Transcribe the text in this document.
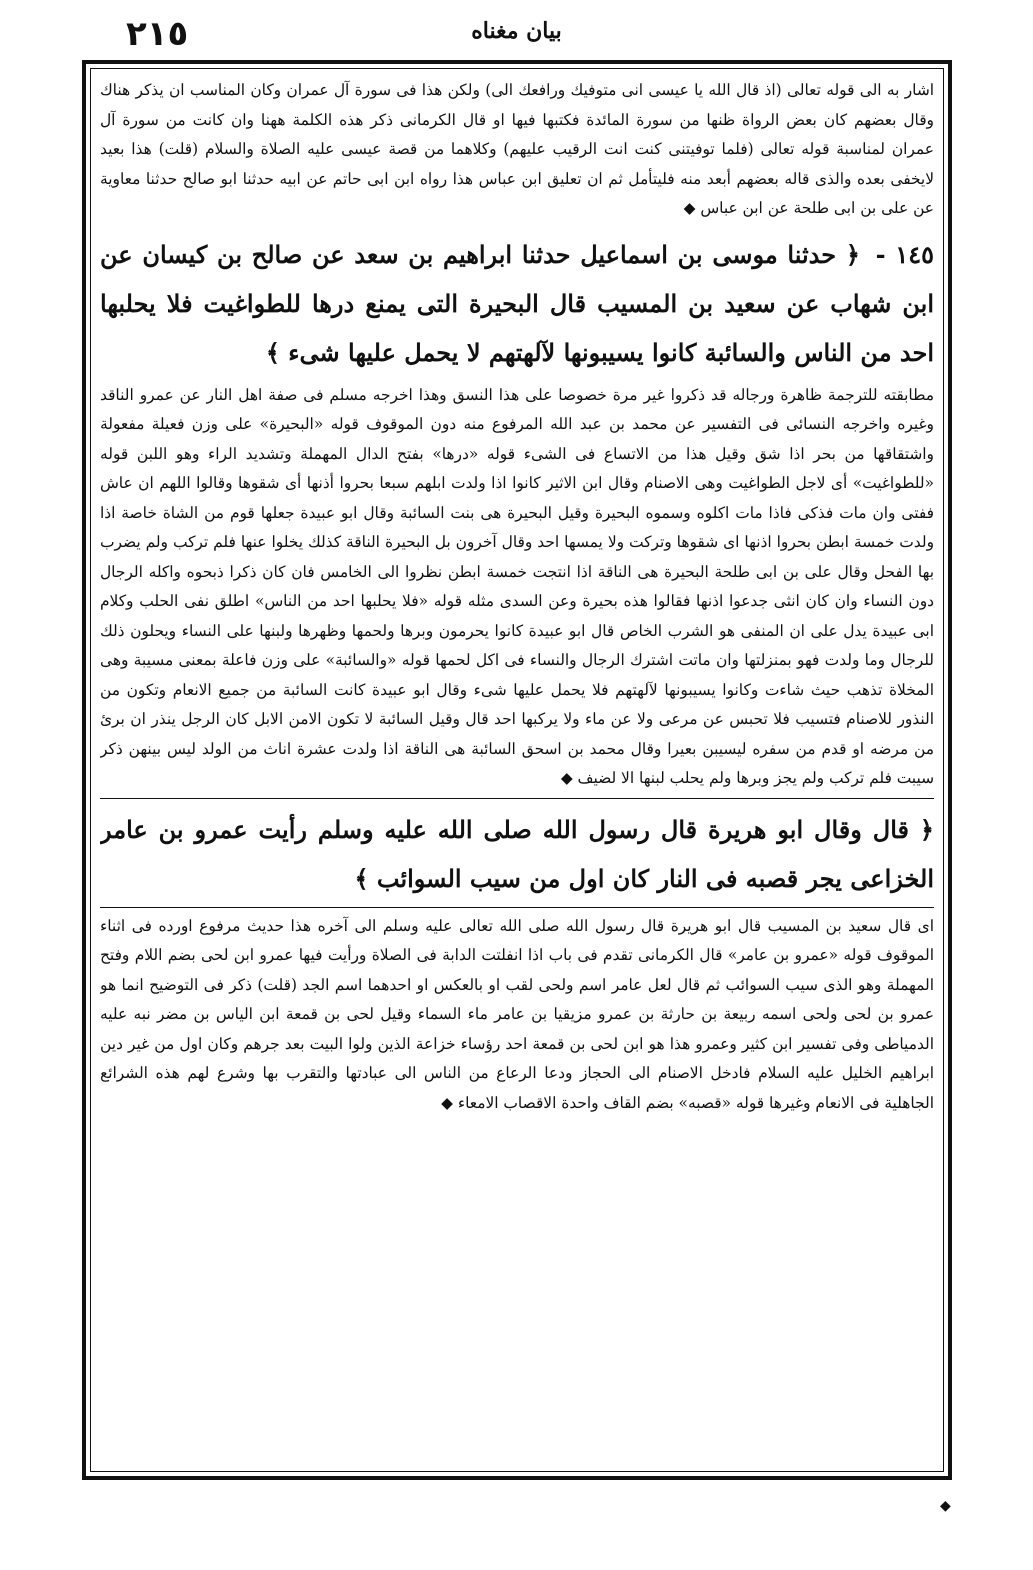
٢١٥	بيان مغناه

اشار به الى قوله تعالى (اذ قال الله يا عيسى انى متوفيك ورافعك الى) ولكن هذا فى سورة آل عمران وكان المناسب ان يذكر هناك وقال بعضهم كان بعض الرواة ظنها من سورة المائدة فكتبها فيها او قال الكرمانى ذكر هذه الكلمة ههنا وان كانت من سورة آل عمران لمناسبة قوله تعالى (فلما توفيتنى كنت انت الرقيب عليهم) وكلاهما من قصة عيسى عليه الصلاة والسلام (قلت) هذا بعيد لايخفى بعده والذى قاله بعضهم أبعد منه فليتأمل ثم ان تعليق ابن عباس هذا رواه ابن ابى حاتم عن ابيه حدثنا ابو صالح حدثنا معاوية عن على بن ابى طلحة عن ابن عباس ◆

١٤٥ - ﴿ حدثنا موسى بن اسماعيل حدثنا ابراهيم بن سعد عن صالح بن كيسان عن ابن شهاب عن سعيد بن المسيب قال البحيرة التى يمنع درها للطواغيت فلا يحلبها احد من الناس والسائبة كانوا يسيبونها لآلهتهم لا يحمل عليها شىء ﴾

مطابقته للترجمة ظاهرة ورجاله قد ذكروا غير مرة خصوصا على هذا النسق وهذا اخرجه مسلم فى صفة اهل النار عن عمرو الناقد وغيره واخرجه النسائى فى التفسير عن محمد بن عبد الله المرفوع منه دون الموقوف قوله «البحيرة» على وزن فعيلة مفعولة واشتقاقها من بحر اذا شق وقيل هذا من الاتساع فى الشىء قوله «درها» بفتح الدال المهملة وتشديد الراء وهو اللبن قوله «للطواغيت» أى لاجل الطواغيت وهى الاصنام وقال ابن الاثير كانوا اذا ولدت ابلهم سبعا بحروا أذنها أى شقوها وقالوا اللهم ان عاش ففتى وان مات فذكى فاذا مات اكلوه وسموه البحيرة وقيل البحيرة هى بنت السائبة وقال ابو عبيدة جعلها قوم من الشاة خاصة اذا ولدت خمسة ابطن بحروا اذنها اى شقوها وتركت ولا يمسها احد وقال آخرون بل البحيرة الناقة كذلك يخلوا عنها فلم تركب ولم يضرب بها الفحل وقال على بن ابى طلحة البحيرة هى الناقة اذا انتجت خمسة ابطن نظروا الى الخامس فان كان ذكرا ذبحوه واكله الرجال دون النساء وان كان انثى جدعوا اذنها فقالوا هذه بحيرة وعن السدى مثله قوله «فلا يحلبها احد من الناس» اطلق نفى الحلب وكلام ابى عبيدة يدل على ان المنفى هو الشرب الخاص قال ابو عبيدة كانوا يحرمون وبرها ولحمها وظهرها ولبنها على النساء ويحلون ذلك للرجال وما ولدت فهو بمنزلتها وان ماتت اشترك الرجال والنساء فى اكل لحمها قوله «والسائبة» على وزن فاعلة بمعنى مسيبة وهى المخلاة تذهب حيث شاءت وكانوا يسيبونها لآلهتهم فلا يحمل عليها شىء وقال ابو عبيدة كانت السائبة من جميع الانعام وتكون من النذور للاصنام فتسيب فلا تحبس عن مرعى ولا عن ماء ولا يركبها احد قال وقيل السائبة لا تكون الامن الابل كان الرجل ينذر ان برئ من مرضه او قدم من سفره ليسيبن بعيرا وقال محمد بن اسحق السائبة هى الناقة اذا ولدت عشرة اناث من الولد ليس بينهن ذكر سيبت فلم تركب ولم يجز وبرها ولم يحلب لبنها الا لضيف ◆

﴿ قال وقال ابو هريرة قال رسول الله صلى الله عليه وسلم رأيت عمرو بن عامر الخزاعى يجر قصبه فى النار كان اول من سيب السوائب ﴾

اى قال سعيد بن المسيب قال ابو هريرة قال رسول الله صلى الله تعالى عليه وسلم الى آخره هذا حديث مرفوع اورده فى اثناء الموقوف قوله «عمرو بن عامر» قال الكرمانى تقدم فى باب اذا انفلتت الدابة فى الصلاة ورأيت فيها عمرو ابن لحى بضم اللام وفتح المهملة وهو الذى سيب السوائب ثم قال لعل عامر اسم ولحى لقب او بالعكس او احدهما اسم الجد (قلت) ذكر فى التوضيح انما هو عمرو بن لحى ولحى اسمه ربيعة بن حارثة بن عمرو مزيقيا بن عامر ماء السماء وقيل لحى بن قمعة ابن الياس بن مضر نبه عليه الدمياطى وفى تفسير ابن كثير وعمرو هذا هو ابن لحى بن قمعة احد رؤساء خزاعة الذين ولوا البيت بعد جرهم وكان اول من غير دين ابراهيم الخليل عليه السلام فادخل الاصنام الى الحجاز ودعا الرعاع من الناس الى عبادتها والتقرب بها وشرع لهم هذه الشرائع الجاهلية فى الانعام وغيرها قوله «قصبه» بضم القاف واحدة الاقصاب الامعاء ◆

◆
